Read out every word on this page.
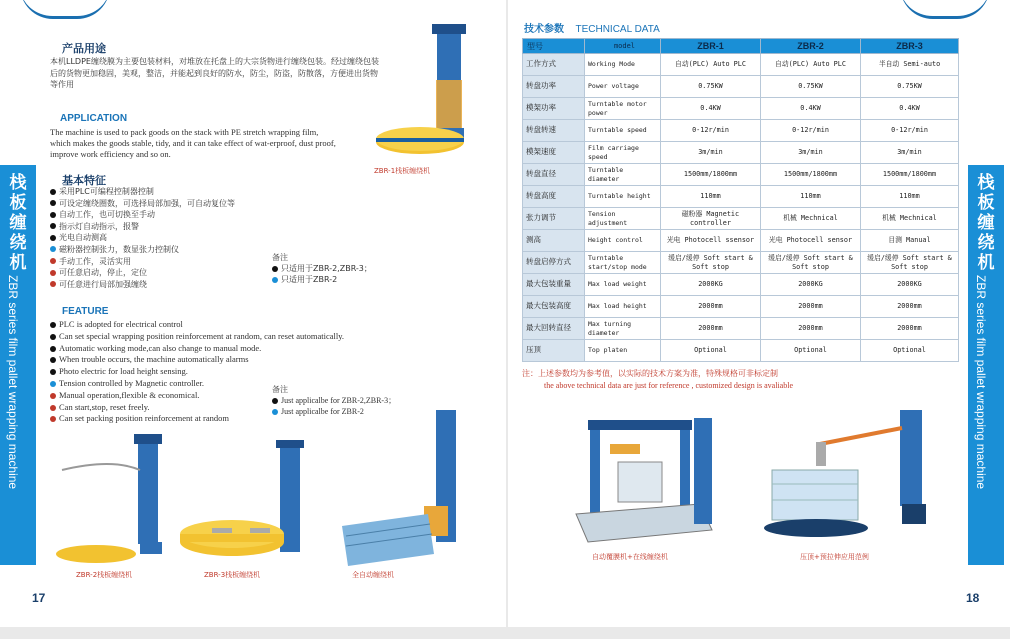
栈板缠绕机
ZBR series film pallet wrapping machine
产品用途
本机LLDPE缠绕膜为主要包装材料，对堆放在托盘上的大宗货物进行缠绕包装。经过缠绕包装后的货物更加稳固，美观，整洁，并能起到良好的防水，防尘，防盗，防散落，方便进出货物等作用
APPLICATION
The machine is used to pack goods on the stack with PE stretch wrapping film, which makes the goods stable, tidy, and it can take effect of wat-erproof, dust proof, improve work efficiency and so on.
ZBR-1栈板缠绕机
基本特征
采用PLC可编程控制器控制
可设定缠绕圈数，可选择局部加强，可自动复位等
自动工作，也可切换至手动
指示灯自动指示，报警
光电自动测高
磁粉器控制张力，数显张力控制仪
手动工作，灵活实用
可任意启动，停止，定位
可任意进行局部加强缠绕
备注
只适用于ZBR-2,ZBR-3；
只适用于ZBR-2
FEATURE
PLC is adopted for electrical control
Can set special wrapping position reinforcement at random, can reset automatically.
Automatic working mode,can also change to manual mode.
When trouble occurs, the machine automatically alarms
Photo electric for load height sensing.
Tension controlled by Magnetic controller.
Manual operation,flexible & economical.
Can start,stop, reset freely.
Can set packing position reinforcement at random
备注
Just applicalbe for ZBR-2,ZBR-3；
Just applicalbe for ZBR-2
ZBR-2栈板缠绕机	ZBR-3栈板缠绕机	全自动缠绕机
17
栈板缠绕机
ZBR series film pallet wrapping machine
技术参数 TECHNICAL DATA
型号	model	ZBR-1	ZBR-2	ZBR-3
工作方式	Working Mode	自动(PLC) Auto PLC	自动(PLC) Auto PLC	半自动 Semi-auto
转盘功率	Power voltage	0.75KW	0.75KW	0.75KW
模架功率	Turntable motor power	0.4KW	0.4KW	0.4KW
转盘转速	Turntable speed	0-12r/min	0-12r/min	0-12r/min
模架速度	Film carriage speed	3m/min	3m/min	3m/min
转盘直径	Turntable diameter	1500mm/1800mm	1500mm/1800mm	1500mm/1800mm
转盘高度	Turntable height	110mm	110mm	110mm
张力调节	Tension adjustment	磁粉器 Magnetic controller	机械 Mechnical	机械 Mechnical
测高	Height control	光电 Photocell ssensor	光电 Photocell sensor	目测 Manual
转盘启停方式	Turntable start/stop mode	缓启/缓停 Soft start & Soft stop	缓启/缓停 Soft start & Soft stop	缓启/缓停 Soft start & Soft stop
最大包装重量	Max load weight	2000KG	2000KG	2000KG
最大包装高度	Max load height	2000mm	2000mm	2000mm
最大回转直径	Max turning diameter	2000mm	2000mm	2000mm
压顶	Top platen	Optional	Optional	Optional
注：上述参数均为参考值，以实际的技术方案为准，特殊规格可非标定制
the above technical data are just for reference , customized design is avaliable
自动覆膜机+在线缠绕机	压顶+预拉伸应用范例
18
